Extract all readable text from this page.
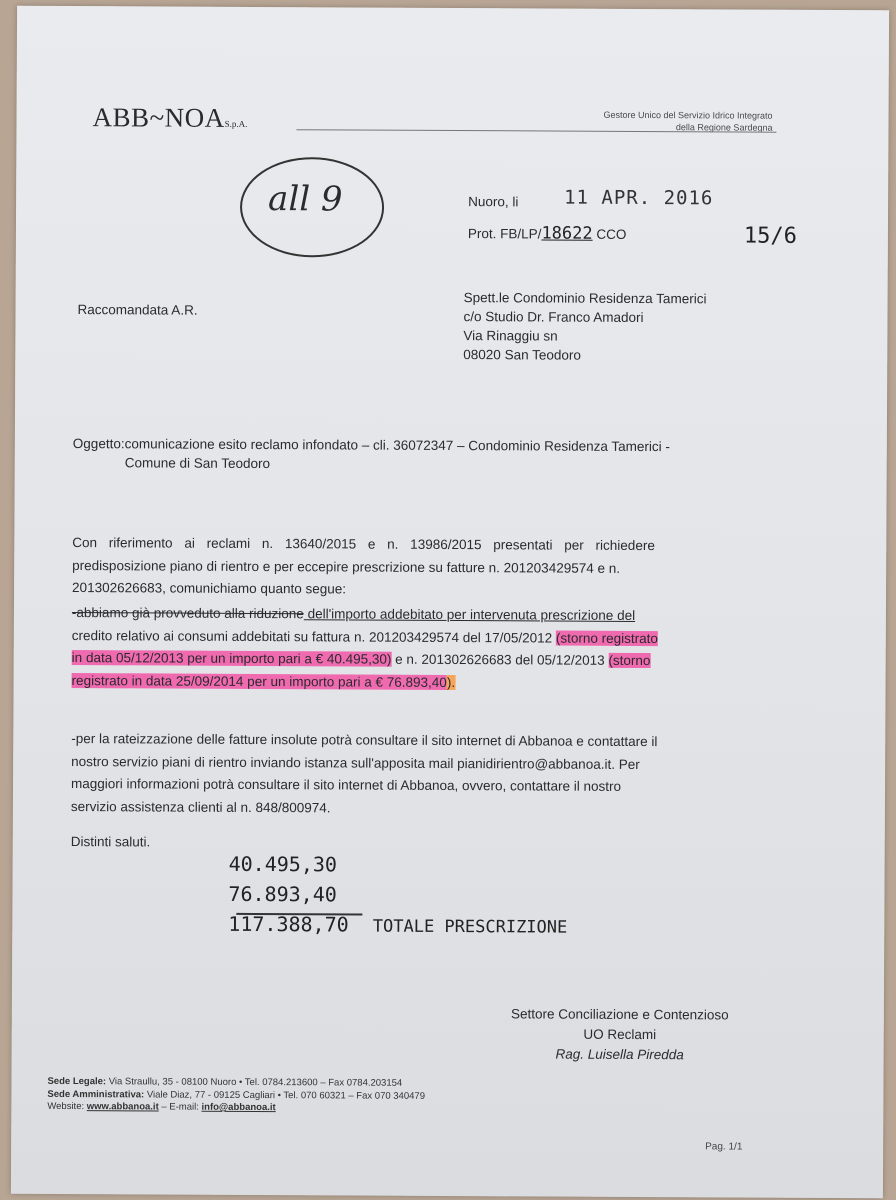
ABB~NOAS.p.A.
Gestore Unico del Servizio Idrico Integrato
della Regione Sardegna
all 9	Nuoro, li 11 APR. 2016
Prot. FB/LP/18622 CCO	15/6
Raccomandata A.R.
Spett.le Condominio Residenza Tamerici
c/o Studio Dr. Franco Amadori
Via Rinaggiu sn
08020 San Teodoro
Oggetto:comunicazione esito reclamo infondato – cli. 36072347 – Condominio Residenza Tamerici -
Comune di San Teodoro
Con riferimento ai reclami n. 13640/2015 e n. 13986/2015 presentati per richiedere
predisposizione piano di rientro e per eccepire prescrizione su fatture n. 201203429574 e n.
201302626683, comunichiamo quanto segue:
-abbiamo già provveduto alla riduzione dell'importo addebitato per intervenuta prescrizione del
credito relativo ai consumi addebitati su fattura n. 201203429574 del 17/05/2012 (storno registrato
in data 05/12/2013 per un importo pari a € 40.495,30) e n. 201302626683 del 05/12/2013 (storno
registrato in data 25/09/2014 per un importo pari a € 76.893,40).
-per la rateizzazione delle fatture insolute potrà consultare il sito internet di Abbanoa e contattare il
nostro servizio piani di rientro inviando istanza sull'apposita mail pianidirientro@abbanoa.it. Per
maggiori informazioni potrà consultare il sito internet di Abbanoa, ovvero, contattare il nostro
servizio assistenza clienti al n. 848/800974.
Distinti saluti.
40.495,30
76.893,40
117.388,70 TOTALE PRESCRIZIONE
Settore Conciliazione e Contenzioso
UO Reclami
Rag. Luisella Piredda
Sede Legale: Via Straullu, 35 - 08100 Nuoro • Tel. 0784.213600 – Fax 0784.203154
Sede Amministrativa: Viale Diaz, 77 - 09125 Cagliari • Tel. 070 60321 – Fax 070 340479
Website: www.abbanoa.it – E-mail: info@abbanoa.it
Pag. 1/1
